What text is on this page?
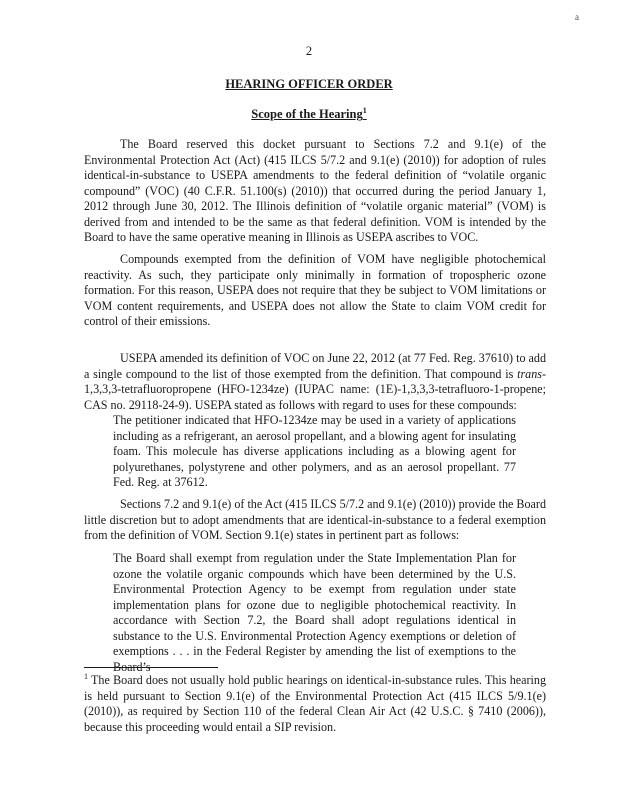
a
2
HEARING OFFICER ORDER
Scope of the Hearing$^1$

The Board reserved this docket pursuant to Sections 7.2 and 9.1(e) of the Environmental Protection Act (Act) (415 ILCS 5/7.2 and 9.1(e) (2010)) for adoption of rules identical-in-substance to USEPA amendments to the federal definition of “volatile organic compound” (VOC) (40 C.F.R. 51.100(s) (2010)) that occurred during the period January 1, 2012 through June 30, 2012. The Illinois definition of “volatile organic material” (VOM) is derived from and intended to be the same as that federal definition. VOM is intended by the Board to have the same operative meaning in Illinois as USEPA ascribes to VOC.

Compounds exempted from the definition of VOM have negligible photochemical reactivity. As such, they participate only minimally in formation of tropospheric ozone formation. For this reason, USEPA does not require that they be subject to VOM limitations or VOM content requirements, and USEPA does not allow the State to claim VOM credit for control of their emissions.

USEPA amended its definition of VOC on June 22, 2012 (at 77 Fed. Reg. 37610) to add a single compound to the list of those exempted from the definition. That compound is trans-1,3,3,3-tetrafluoropropene (HFO-1234ze) (IUPAC name: (1E)-1,3,3,3-tetrafluoro-1-propene; CAS no. 29118-24-9). USEPA stated as follows with regard to uses for these compounds:

The petitioner indicated that HFO-1234ze may be used in a variety of applications including as a refrigerant, an aerosol propellant, and a blowing agent for insulating foam. This molecule has diverse applications including as a blowing agent for polyurethanes, polystyrene and other polymers, and as an aerosol propellant. 77 Fed. Reg. at 37612.

Sections 7.2 and 9.1(e) of the Act (415 ILCS 5/7.2 and 9.1(e) (2010)) provide the Board little discretion but to adopt amendments that are identical-in-substance to a federal exemption from the definition of VOM. Section 9.1(e) states in pertinent part as follows:

The Board shall exempt from regulation under the State Implementation Plan for ozone the volatile organic compounds which have been determined by the U.S. Environmental Protection Agency to be exempt from regulation under state implementation plans for ozone due to negligible photochemical reactivity. In accordance with Section 7.2, the Board shall adopt regulations identical in substance to the U.S. Environmental Protection Agency exemptions or deletion of exemptions . . . in the Federal Register by amending the list of exemptions to the Board’s

$^1$ The Board does not usually hold public hearings on identical-in-substance rules. This hearing is held pursuant to Section 9.1(e) of the Environmental Protection Act (415 ILCS 5/9.1(e) (2010)), as required by Section 110 of the federal Clean Air Act (42 U.S.C. § 7410 (2006)), because this proceeding would entail a SIP revision.
